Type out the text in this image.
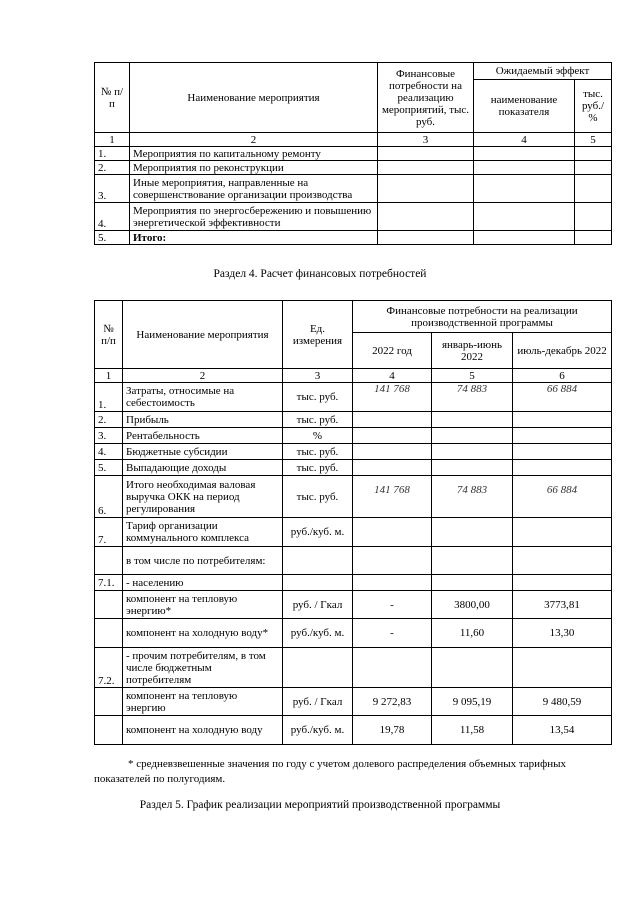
№ п/п	Наименование мероприятия	Финансовые потребности на реализацию мероприятий, тыс. руб.	Ожидаемый эффект	
			наименование показателя	тыс. руб./ %
1	2	3	4	5
1.	Мероприятия по капитальному ремонту			
2.	Мероприятия по реконструкции			
3.	Иные мероприятия, направленные на совершенствование организации производства			
4.	Мероприятия по энергосбережению и повышению энергетической эффективности			
5.	Итого:			
Раздел 4. Расчет финансовых потребностей
№ п/п	Наименование мероприятия	Ед. измерения	Финансовые потребности на реализации производственной программы		
			2022 год	январь-июнь 2022	июль-декабрь 2022
1	2	3	4	5	6
1.	Затраты, относимые на себестоимость	тыс. руб.	141 768	74 883	66 884
2.	Прибыль	тыс. руб.			
3.	Рентабельность	%			
4.	Бюджетные субсидии	тыс. руб.			
5.	Выпадающие доходы	тыс. руб.			
6.	Итого необходимая валовая выручка ОКК на период регулирования	тыс. руб.	141 768	74 883	66 884
7.	Тариф организации коммунального комплекса	руб./куб. м.			
	в том числе по потребителям:				
7.1.	- населению				
	компонент на тепловую энергию*	руб. / Гкал	-	3800,00	3773,81
	компонент на холодную воду*	руб./куб. м.	-	11,60	13,30
7.2.	- прочим потребителям, в том числе бюджетным потребителям				
	компонент на тепловую энергию	руб. / Гкал	9 272,83	9 095,19	9 480,59
	компонент на холодную воду	руб./куб. м.	19,78	11,58	13,54
* средневзвешенные значения по году с учетом долевого распределения объемных тарифных показателей по полугодиям.
Раздел 5. График реализации мероприятий производственной программы
